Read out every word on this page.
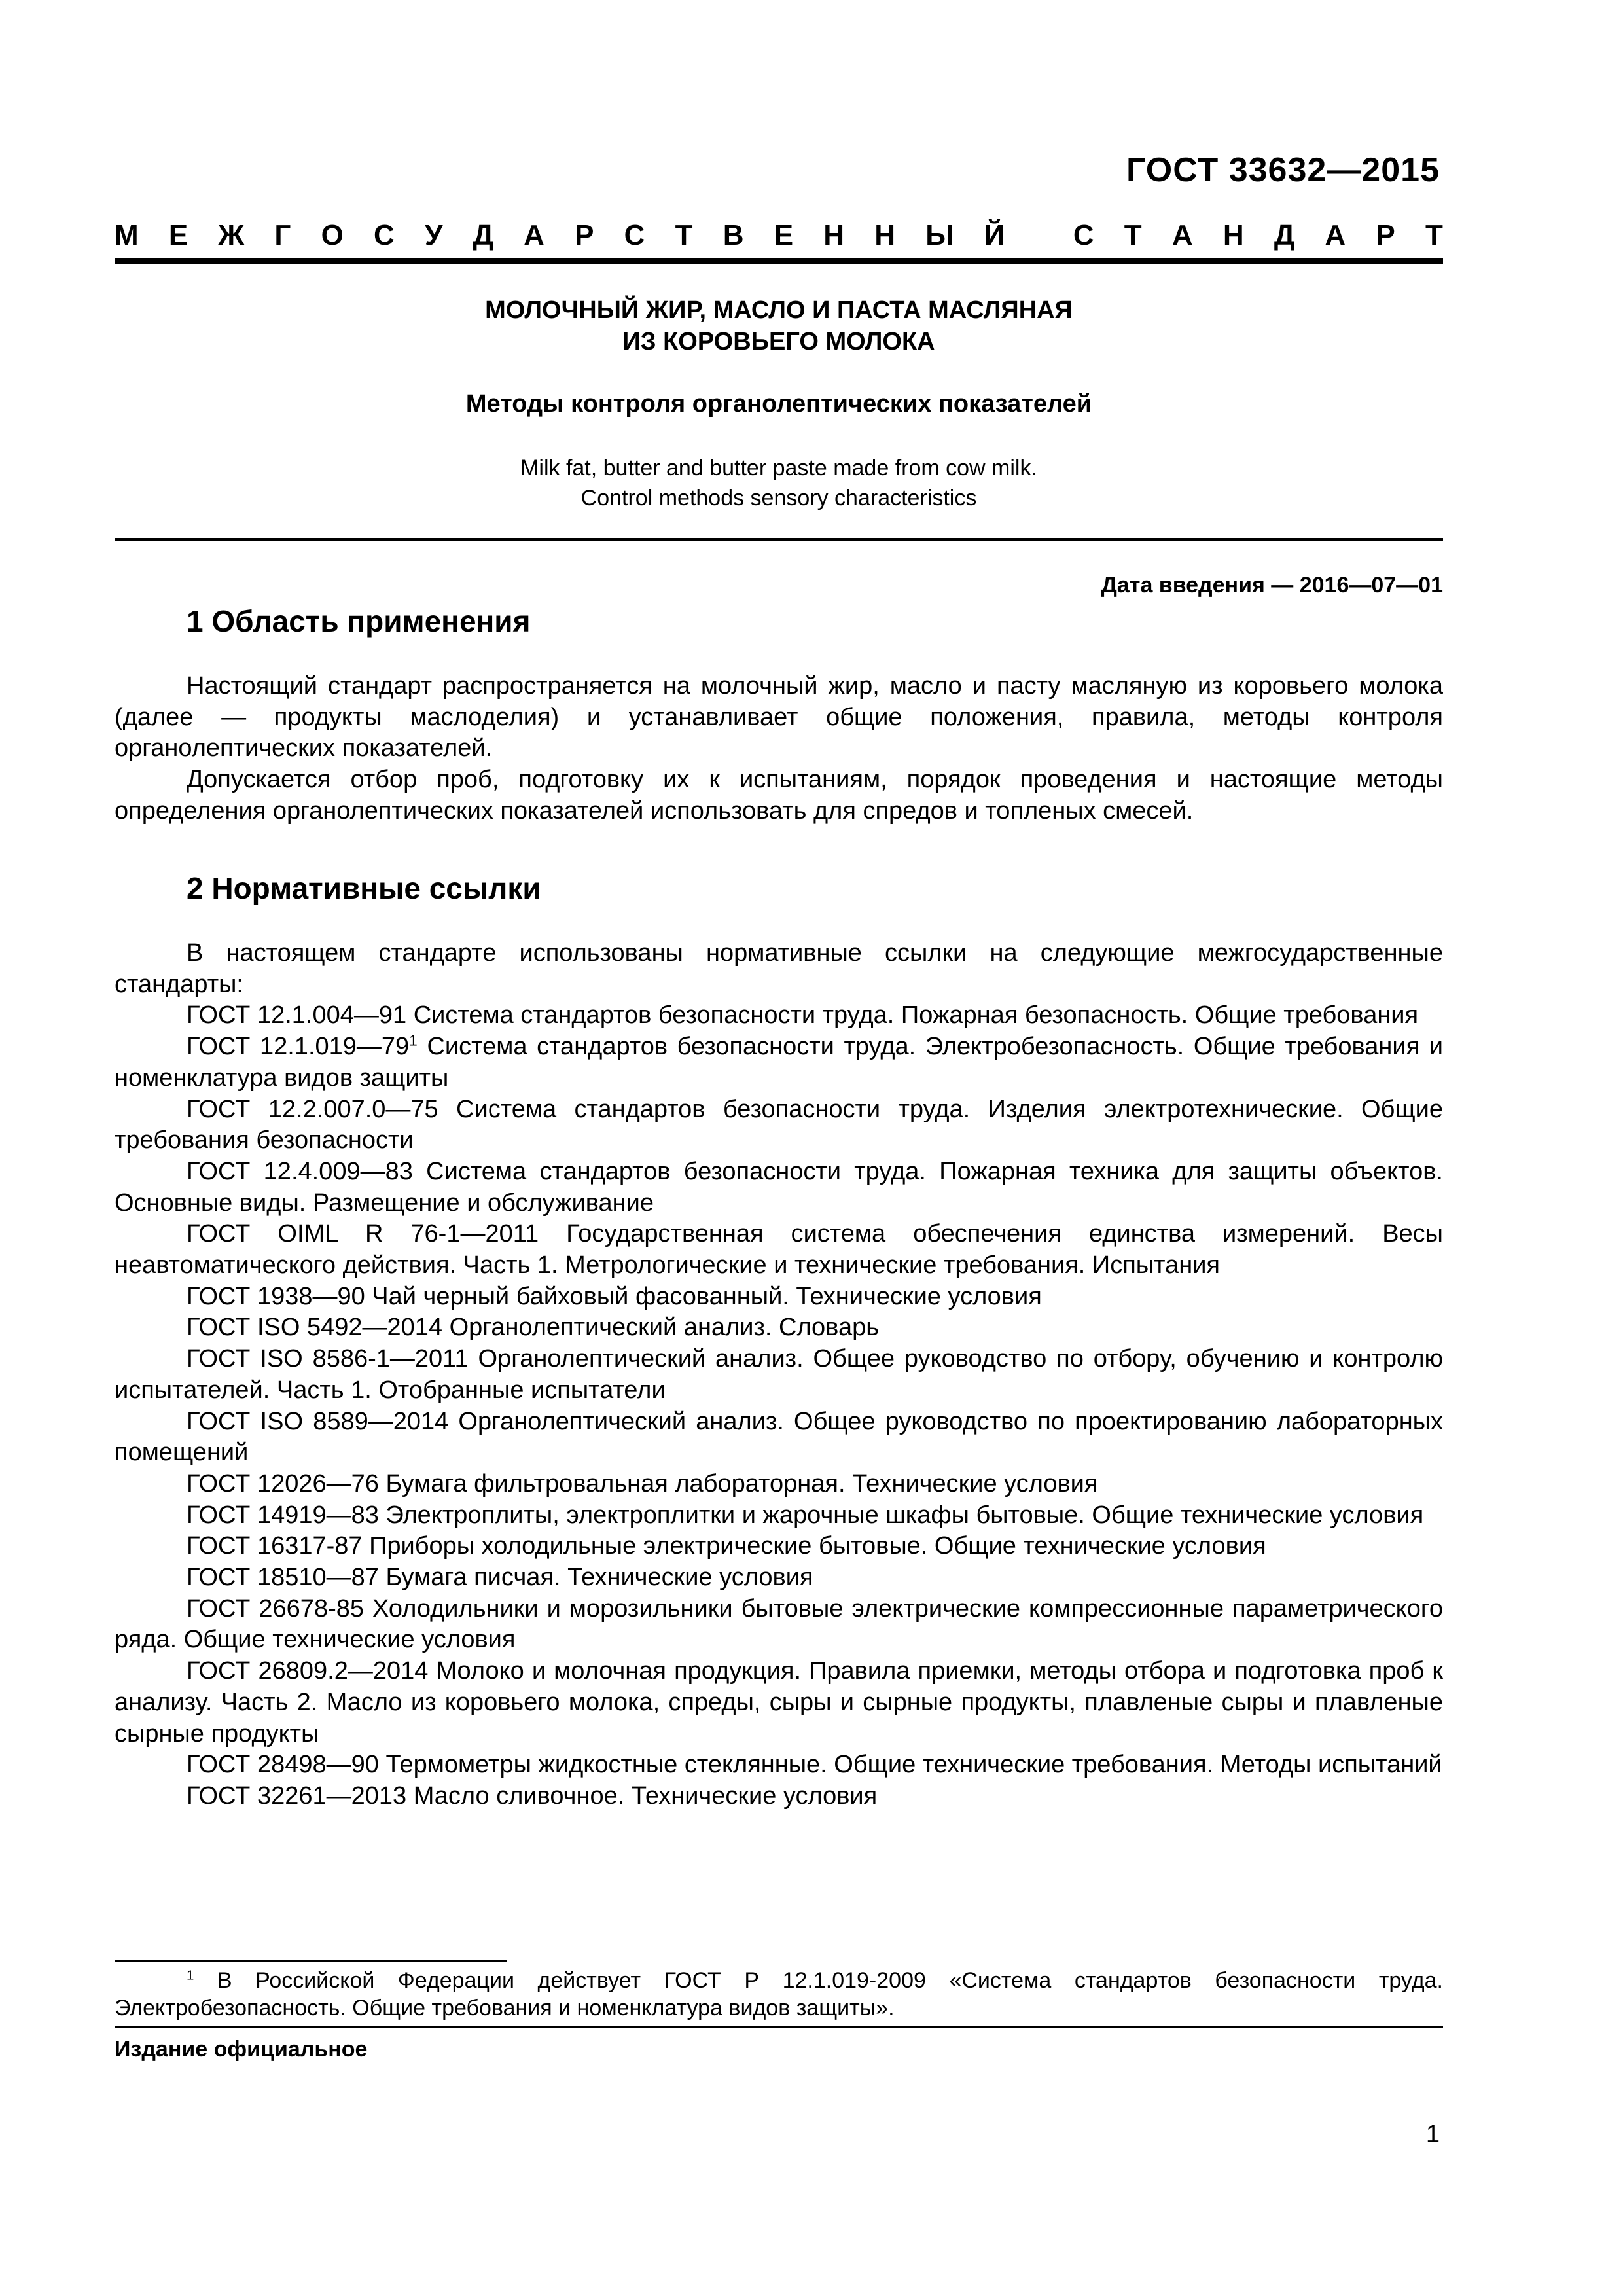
ГОСТ 33632—2015
М Е Ж Г О С У Д А Р С Т В Е Н Н Ы Й
С Т А Н Д А Р Т
МОЛОЧНЫЙ ЖИР, МАСЛО И ПАСТА МАСЛЯНАЯ
ИЗ КОРОВЬЕГО МОЛОКА
Методы контроля органолептических показателей
Milk fat, butter and butter paste made from cow milk.
Control methods sensory characteristics
Дата введения — 2016—07—01
1 Область применения

Настоящий стандарт распространяется на молочный жир, масло и пасту масляную из коровьего молока (далее — продукты маслоделия) и устанавливает общие положения, правила, методы контроля органолептических показателей.

Допускается отбор проб, подготовку их к испытаниям, порядок проведения и настоящие методы определения органолептических показателей использовать для спредов и топленых смесей.

2 Нормативные ссылки

В настоящем стандарте использованы нормативные ссылки на следующие межгосударственные стандарты:

ГОСТ 12.1.004—91 Система стандартов безопасности труда. Пожарная безопасность. Общие требования

ГОСТ $12.1.019—79^1$ Система стандартов безопасности труда. Электробезопасность. Общие требования и номенклатура видов защиты

ГОСТ 12.2.007.0—75 Система стандартов безопасности труда. Изделия электротехнические. Общие требования безопасности

ГОСТ 12.4.009—83 Система стандартов безопасности труда. Пожарная техника для защиты объектов. Основные виды. Размещение и обслуживание

ГОСТ OIML R 76-1—2011 Государственная система обеспечения единства измерений. Весы неавтоматического действия. Часть 1. Метрологические и технические требования. Испытания

ГОСТ 1938—90 Чай черный байховый фасованный. Технические условия

ГОСТ ISO 5492—2014 Органолептический анализ. Словарь

ГОСТ ISO 8586-1—2011 Органолептический анализ. Общее руководство по отбору, обучению и контролю испытателей. Часть 1. Отобранные испытатели

ГОСТ ISO 8589—2014 Органолептический анализ. Общее руководство по проектированию лабораторных помещений

ГОСТ 12026—76 Бумага фильтровальная лабораторная. Технические условия

ГОСТ 14919—83 Электроплиты, электроплитки и жарочные шкафы бытовые. Общие технические условия

ГОСТ 16317-87 Приборы холодильные электрические бытовые. Общие технические условия

ГОСТ 18510—87 Бумага писчая. Технические условия

ГОСТ 26678-85 Холодильники и морозильники бытовые электрические компрессионные параметрического ряда. Общие технические условия

ГОСТ 26809.2—2014 Молоко и молочная продукция. Правила приемки, методы отбора и подготовка проб к анализу. Часть 2. Масло из коровьего молока, спреды, сыры и сырные продукты, плавленые сыры и плавленые сырные продукты

ГОСТ 28498—90 Термометры жидкостные стеклянные. Общие технические требования. Методы испытаний

ГОСТ 32261—2013 Масло сливочное. Технические условия

$^1$ В Российской Федерации действует ГОСТ Р 12.1.019-2009 «Система стандартов безопасности труда. Электробезопасность. Общие требования и номенклатура видов защиты».
Издание официальное
1
